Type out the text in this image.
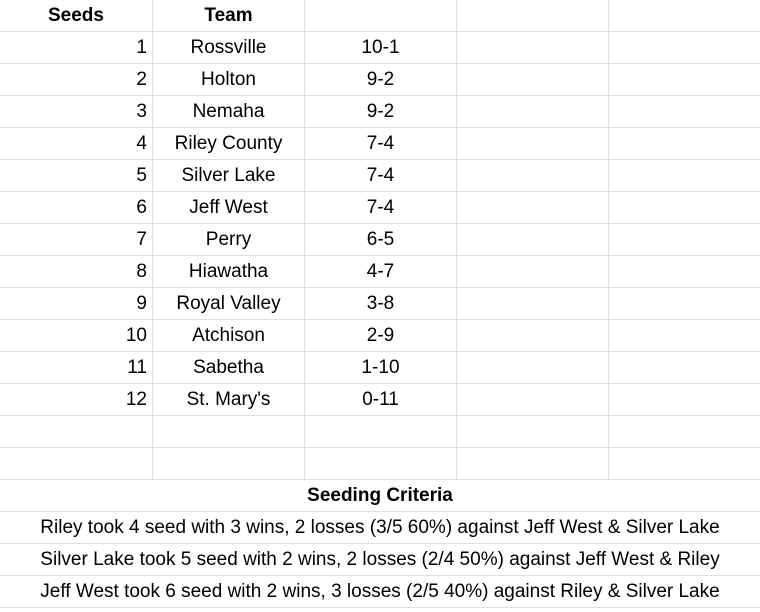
Seeds	Team
1	Rossville	10-1
2	Holton	9-2
3	Nemaha	9-2
4	Riley County	7-4
5	Silver Lake	7-4
6	Jeff West	7-4
7	Perry	6-5
8	Hiawatha	4-7
9	Royal Valley	3-8
10	Atchison	2-9
11	Sabetha	1-10
12	St. Mary's	0-11
Seeding Criteria
Riley took 4 seed with 3 wins, 2 losses (3/5 60%) against Jeff West & Silver Lake
Silver Lake took 5 seed with 2 wins, 2 losses (2/4 50%) against Jeff West & Riley
Jeff West took 6 seed with 2 wins, 3 losses (2/5 40%) against Riley & Silver Lake
